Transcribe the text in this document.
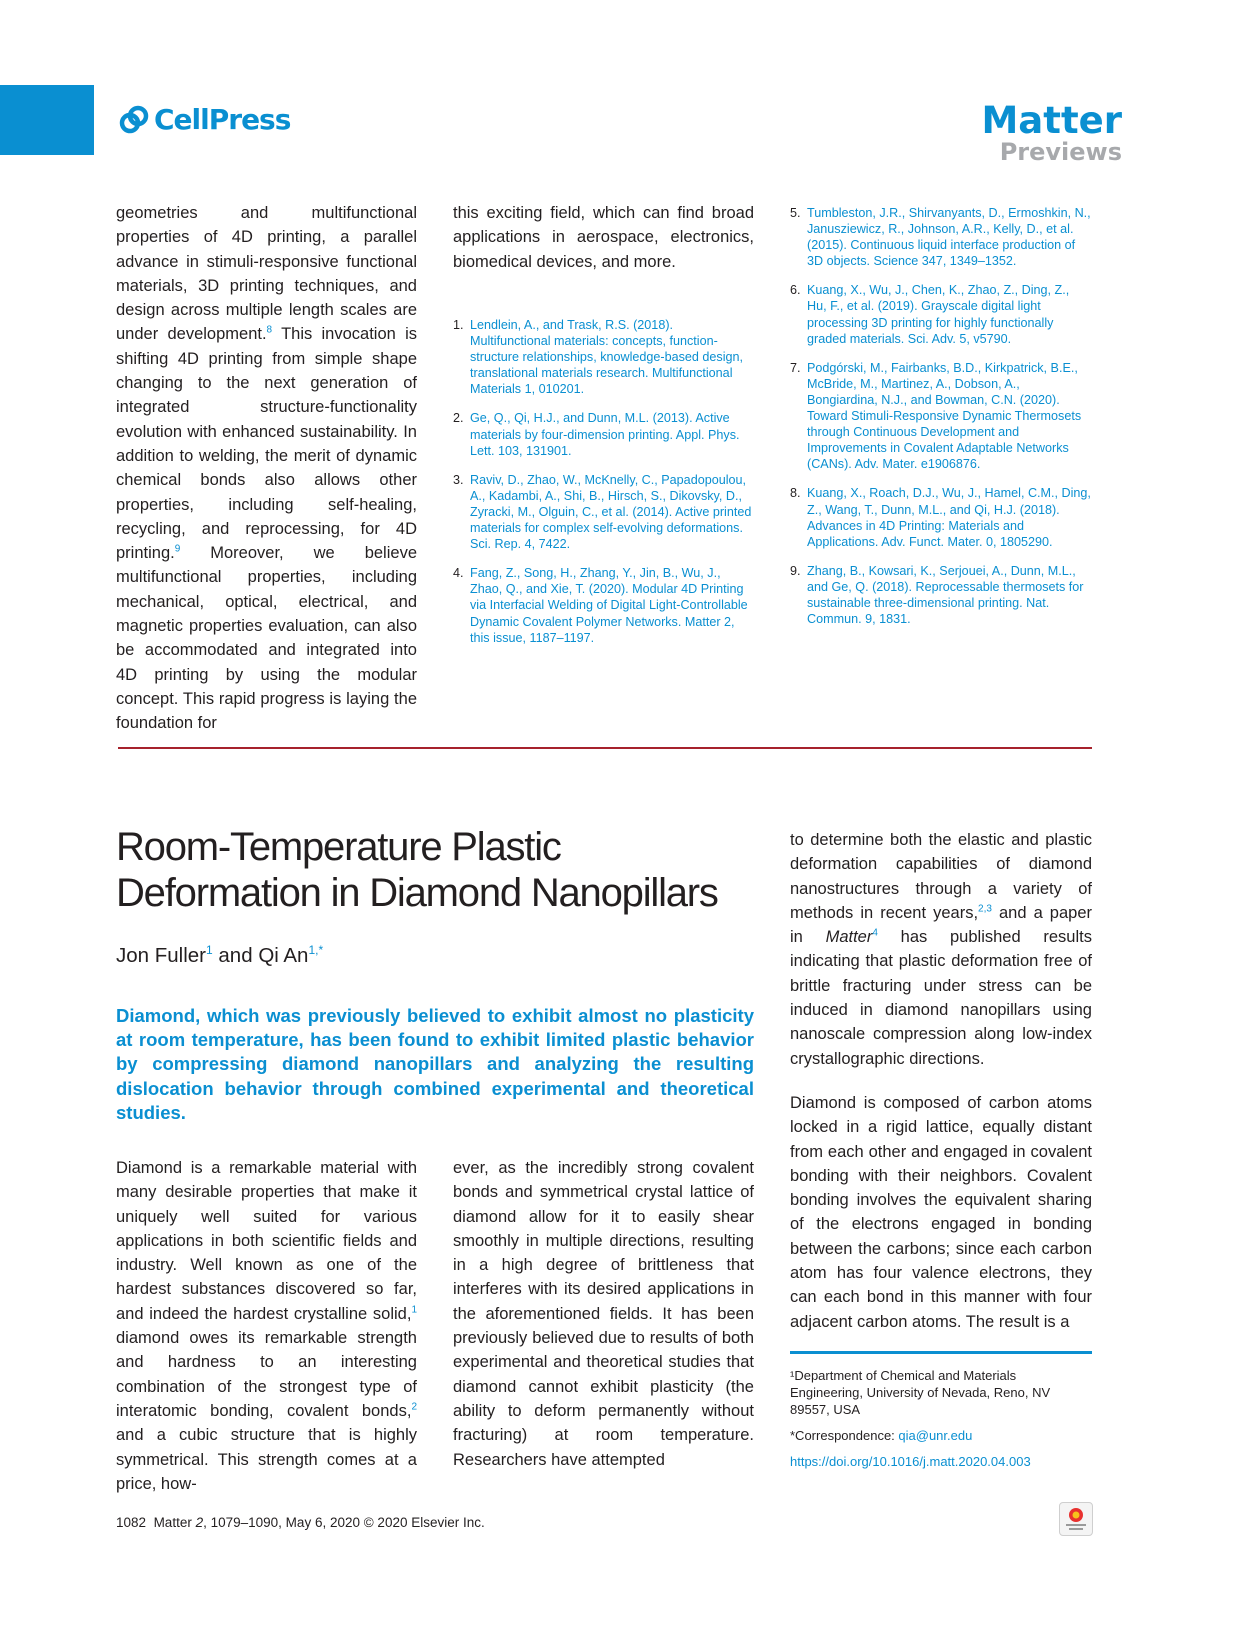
CellPress	Matter
Previews

geometries and multifunctional properties of 4D printing, a parallel advance in stimuli-responsive functional materials, 3D printing techniques, and design across multiple length scales are under development.$^8$ This invocation is shifting 4D printing from simple shape changing to the next generation of integrated structure-functionality evolution with enhanced sustainability. In addition to welding, the merit of dynamic chemical bonds also allows other properties, including self-healing, recycling, and reprocessing, for 4D printing.$^9$ Moreover, we believe multifunctional properties, including mechanical, optical, electrical, and magnetic properties evaluation, can also be accommodated and integrated into 4D printing by using the modular concept. This rapid progress is laying the foundation for

this exciting field, which can find broad applications in aerospace, electronics, biomedical devices, and more.

1. Lendlein, A., and Trask, R.S. (2018). Multifunctional materials: concepts, function-structure relationships, knowledge-based design, translational materials research. Multifunctional Materials 1, 010201.
2. Ge, Q., Qi, H.J., and Dunn, M.L. (2013). Active materials by four-dimension printing. Appl. Phys. Lett. 103, 131901.
3. Raviv, D., Zhao, W., McKnelly, C., Papadopoulou, A., Kadambi, A., Shi, B., Hirsch, S., Dikovsky, D., Zyracki, M., Olguin, C., et al. (2014). Active printed materials for complex self-evolving deformations. Sci. Rep. 4, 7422.
4. Fang, Z., Song, H., Zhang, Y., Jin, B., Wu, J., Zhao, Q., and Xie, T. (2020). Modular 4D Printing via Interfacial Welding of Digital Light-Controllable Dynamic Covalent Polymer Networks. Matter 2, this issue, 1187–1197.
5. Tumbleston, J.R., Shirvanyants, D., Ermoshkin, N., Janusziewicz, R., Johnson, A.R., Kelly, D., et al. (2015). Continuous liquid interface production of 3D objects. Science 347, 1349–1352.
6. Kuang, X., Wu, J., Chen, K., Zhao, Z., Ding, Z., Hu, F., et al. (2019). Grayscale digital light processing 3D printing for highly functionally graded materials. Sci. Adv. 5, v5790.
7. Podgórski, M., Fairbanks, B.D., Kirkpatrick, B.E., McBride, M., Martinez, A., Dobson, A., Bongiardina, N.J., and Bowman, C.N. (2020). Toward Stimuli-Responsive Dynamic Thermosets through Continuous Development and Improvements in Covalent Adaptable Networks (CANs). Adv. Mater. e1906876.
8. Kuang, X., Roach, D.J., Wu, J., Hamel, C.M., Ding, Z., Wang, T., Dunn, M.L., and Qi, H.J. (2018). Advances in 4D Printing: Materials and Applications. Adv. Funct. Mater. 0, 1805290.
9. Zhang, B., Kowsari, K., Serjouei, A., Dunn, M.L., and Ge, Q. (2018). Reprocessable thermosets for sustainable three-dimensional printing. Nat. Commun. 9, 1831.
Room-Temperature Plastic Deformation in Diamond Nanopillars
Jon Fuller$^1$ and Qi $An^{1,*}$

Diamond, which was previously believed to exhibit almost no plasticity at room temperature, has been found to exhibit limited plastic behavior by compressing diamond nanopillars and analyzing the resulting dislocation behavior through combined experimental and theoretical studies.

Diamond is a remarkable material with many desirable properties that make it uniquely well suited for various applications in both scientific fields and industry. Well known as one of the hardest substances discovered so far, and indeed the hardest crystalline solid,$^1$ diamond owes its remarkable strength and hardness to an interesting combination of the strongest type of interatomic bonding, covalent bonds,$^2$ and a cubic structure that is highly symmetrical. This strength comes at a price, how-

ever, as the incredibly strong covalent bonds and symmetrical crystal lattice of diamond allow for it to easily shear smoothly in multiple directions, resulting in a high degree of brittleness that interferes with its desired applications in the aforementioned fields. It has been previously believed due to results of both experimental and theoretical studies that diamond cannot exhibit plasticity (the ability to deform permanently without fracturing) at room temperature. Researchers have attempted

to determine both the elastic and plastic deformation capabilities of diamond nanostructures through a variety of methods in recent years,$^{2,3}$ and a paper in Matter$^4$ has published results indicating that plastic deformation free of brittle fracturing under stress can be induced in diamond nanopillars using nanoscale compression along low-index crystallographic directions.

Diamond is composed of carbon atoms locked in a rigid lattice, equally distant from each other and engaged in covalent bonding with their neighbors. Covalent bonding involves the equivalent sharing of the electrons engaged in bonding between the carbons; since each carbon atom has four valence electrons, they can each bond in this manner with four adjacent carbon atoms. The result is a

¹Department of Chemical and Materials Engineering, University of Nevada, Reno, NV 89557, USA

*Correspondence: qia@unr.edu

https://doi.org/10.1016/j.matt.2020.04.003

1082 Matter 2, 1079–1090, May 6, 2020 © 2020 Elsevier Inc.
